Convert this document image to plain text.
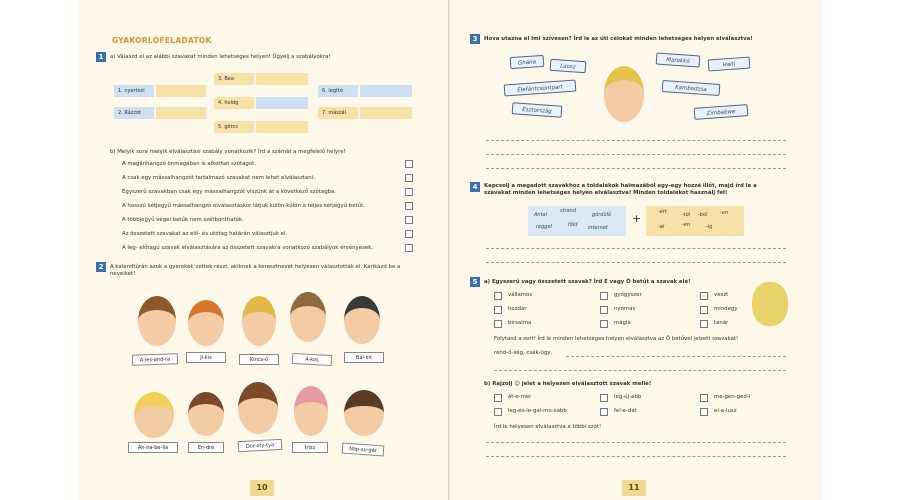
GYAKORLÓFELADATOK
1	a) Válaszd el az alábbi szavakat minden lehetséges helyen! Ügyelj a szabályokra!
1. nyertezi
2. Rázzot
3. Bea
4. holdg
5. görcs
6. legttó
7. mászál
b) Melyik sora melyik elválasztási szabály vonatkozik? Írd a számát a megfelelő helyre!
A magánhangzó önmagában is alkothat szótagot.
A csak egy mássalhangzót tartalmazó szavakat nem lehet elválasztani.
Egyszerű szavakban csak egy mássalhangzót viszünk át a következő szótagba.
A hosszú kétjegyű mássalhangzó elválasztáskor látjuk külön-külön a teljes kétjegyű betűt.
A többjegyű végei betűk nem szétbonthatók.
Az összetett szavakat az elő- és utótag határán választjuk el.
A leg- előtagú szavak elválasztására az összetett szavakra vonatkozó szabályok érvényesek.
2	A kalandtúrán azok a gyerekek vettek részt, akiknek a keresztnevét helyesen választották el. Karikázd be a neveiket!
A-les-and-ra	Ji-kis	Kincs-ő	Á-kos	Bál-int
An-na-be-lla	En-dre	Dor-oty-tya	Írisz	Nap-su-gár
10
3	Hova utazna el Imi szívesen? Írd le az úti célokat minden lehetséges helyen elválasztva!
Ghána
Laosz
Elefántcsontpart
Észtország
Marokkó
Haiti
Kambodzsa
Zimbabwe
4	Kapcsolj a megadott szavakhoz a toldalékok halmazából egy-egy hozzá illőt, majd írd le a szavakat minden lehetséges helyen elválasztva! Minden toldalékot használj fel!
Antal
strand
gördülő
reggel	föld internet
+	-ért	-tól -ból	-on
-al	-en	-ig
5	a) Egyszerű vagy összetett szavak? Írd E vagy Ö betűt a szavak elé!
vállamos
hozdár
birsalma
gyógyszer
nyomás
mágia
veszt
mindegy
tanár
Folytasd a sort! Írd le minden lehetséges helyen elválasztva az Ö betűvel jelzett szavakat!
rend-ő-ség, csak-ügy,
b) Rajzolj ☺ jelet a helyesen elválasztott szavak mellé!
át-e-mel
leg-es-le-gal-mo-sabb
leg-új-abb
fel-e-dat
me-gen-ged-i
el-a-lusz
Írd le helyesen elválasztva a többi szót!
11
